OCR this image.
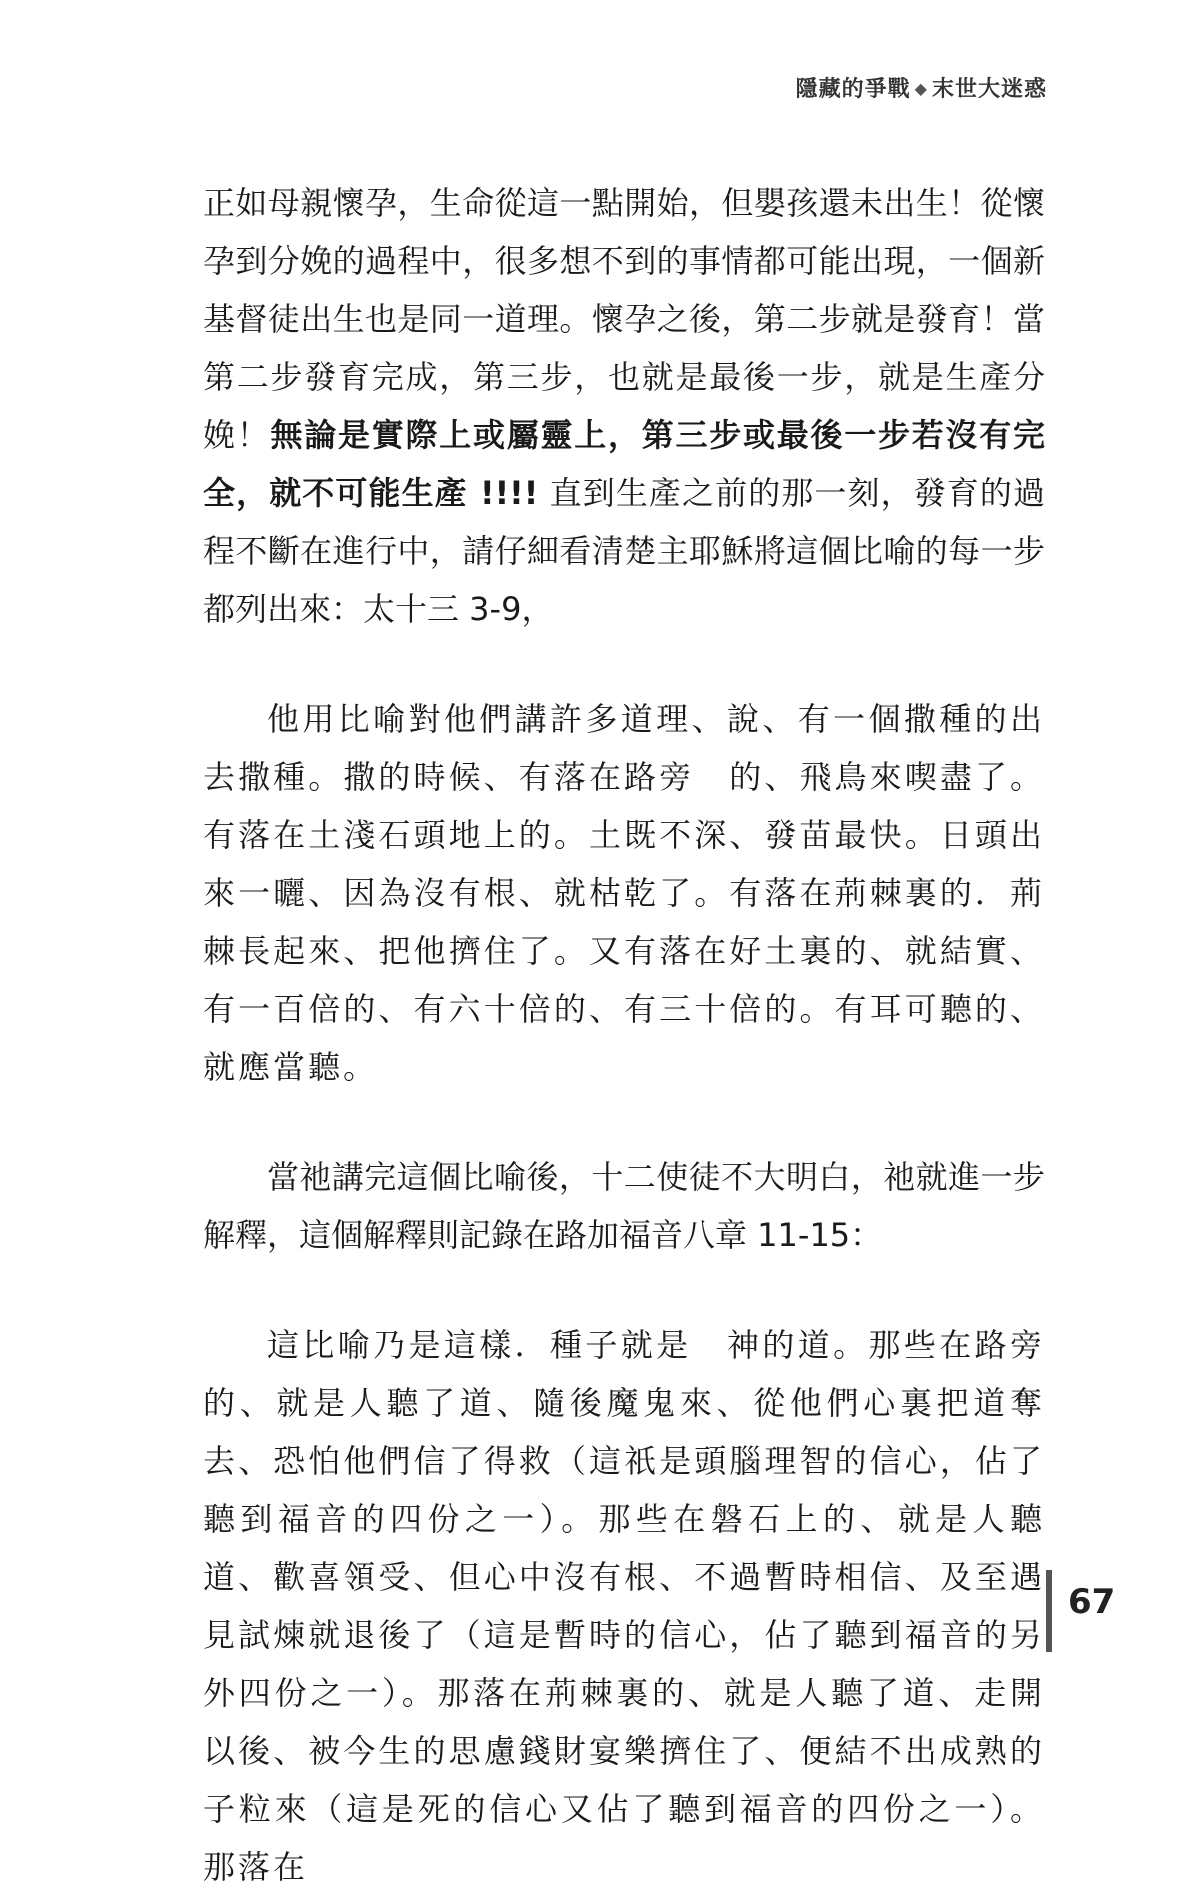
隱藏的爭戰 ◆ 末世大迷惑

正如母親懷孕，生命從這一點開始，但嬰孩還未出生！從懷孕到分娩的過程中，很多想不到的事情都可能出現，一個新基督徒出生也是同一道理。懷孕之後，第二步就是發育！當第二步發育完成，第三步，也就是最後一步，就是生產分娩！無論是實際上或屬靈上，第三步或最後一步若沒有完全，就不可能生產 !!!! 直到生產之前的那一刻，發育的過程不斷在進行中，請仔細看清楚主耶穌將這個比喻的每一步都列出來：太十三 3-9，

他用比喻對他們講許多道理、說、有一個撒種的出去撒種。撒的時候、有落在路旁　的、飛鳥來喫盡了。有落在土淺石頭地上的。土既不深、發苗最快。日頭出來一曬、因為沒有根、就枯乾了。有落在荊棘裏的．荊棘長起來、把他擠住了。又有落在好土裏的、就結實、有一百倍的、有六十倍的、有三十倍的。有耳可聽的、就應當聽。

當祂講完這個比喻後，十二使徒不大明白，祂就進一步解釋，這個解釋則記錄在路加福音八章 11-15：

這比喻乃是這樣．種子就是　神的道。那些在路旁的、就是人聽了道、隨後魔鬼來、從他們心裏把道奪去、恐怕他們信了得救（這祇是頭腦理智的信心，佔了聽到福音的四份之一）。那些在磐石上的、就是人聽道、歡喜領受、但心中沒有根、不過暫時相信、及至遇見試煉就退後了（這是暫時的信心，佔了聽到福音的另外四份之一）。那落在荊棘裏的、就是人聽了道、走開以後、被今生的思慮錢財宴樂擠住了、便結不出成熟的子粒來（這是死的信心又佔了聽到福音的四份之一）。那落在

67
